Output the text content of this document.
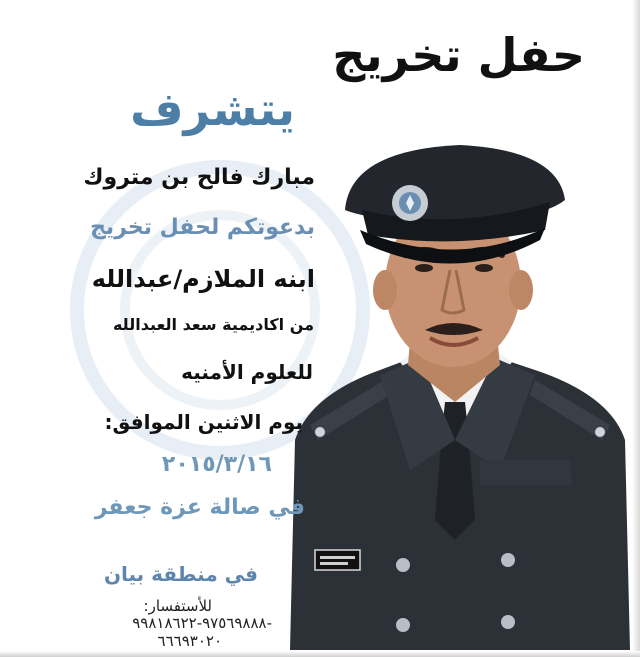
حفل تخريج
يتشرف
مبارك فالح بن متروك
بدعوتكم لحفل تخريج
ابنه الملازم/عبدالله
من اكاديمية سعد العبدالله
للعلوم الأمنيه
يوم الاثنين الموافق:
٢٠١٥/٣/١٦
في صالة عزة جعفر
في منطقة بيان
للأستفسار:
٩٧٥٦٩٨٨٨-٩٩٨١٨٦٢٢-
٦٦٦٩٣٠٢٠
